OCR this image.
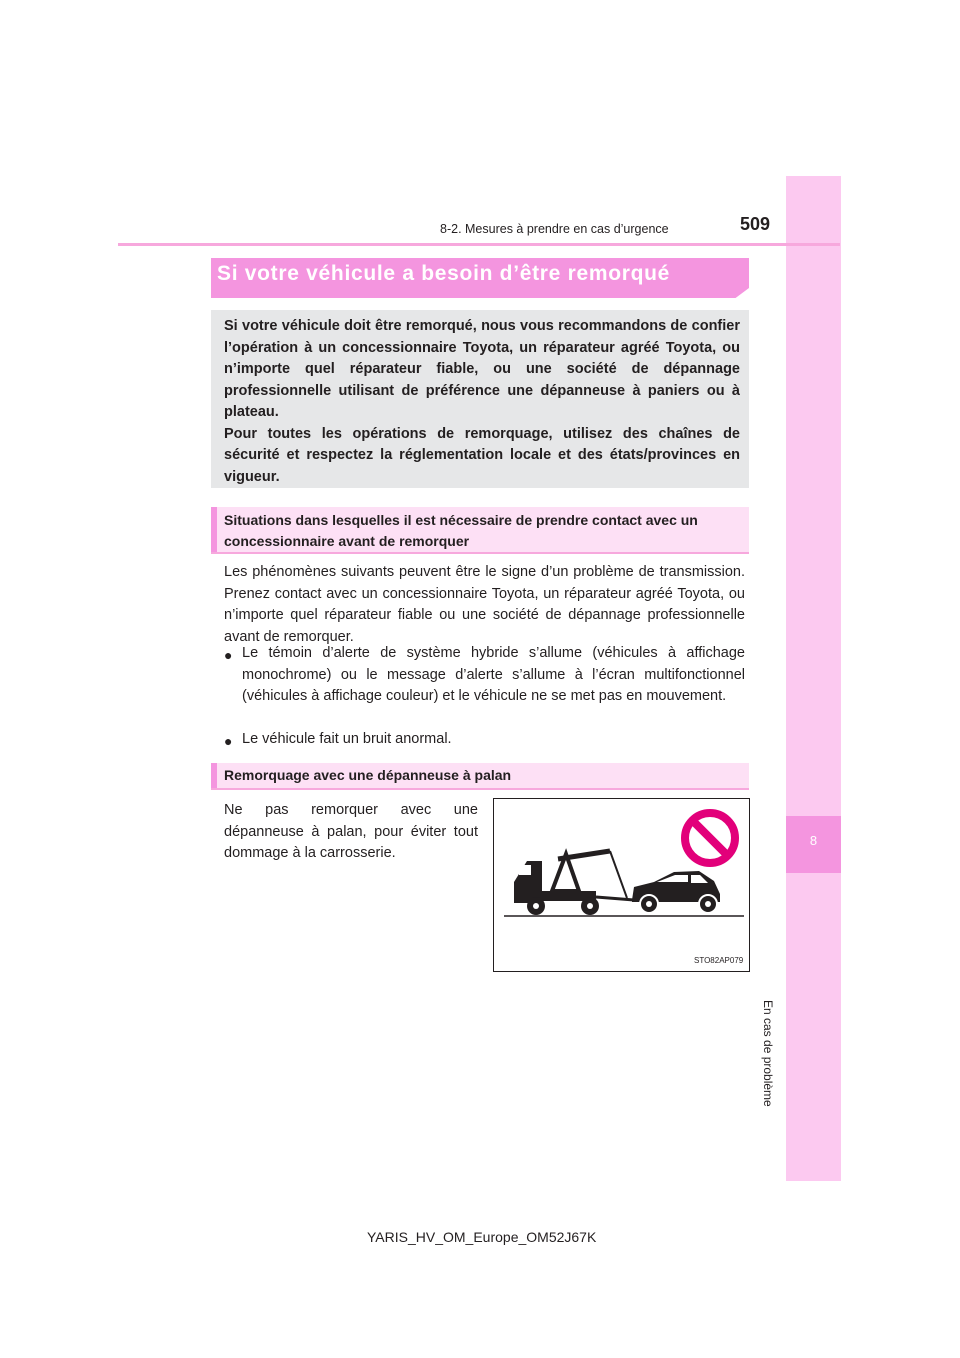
8
En cas de problème
8-2. Mesures à prendre en cas d’urgence	509
Si votre véhicule a besoin d’être remorqué

Si votre véhicule doit être remorqué, nous vous recommandons de confier l’opération à un concessionnaire Toyota, un réparateur agréé Toyota, ou n’importe quel réparateur fiable, ou une société de dépannage professionnelle utilisant de préférence une dépanneuse à paniers ou à plateau.

Pour toutes les opérations de remorquage, utilisez des chaînes de sécurité et respectez la réglementation locale et des états/provinces en vigueur.

Situations dans lesquelles il est nécessaire de prendre contact avec un concessionnaire avant de remorquer
Les phénomènes suivants peuvent être le signe d’un problème de transmission. Prenez contact avec un concessionnaire Toyota, un réparateur agréé Toyota, ou n’importe quel réparateur fiable ou une société de dépannage professionnelle avant de remorquer.
● Le témoin d’alerte de système hybride s’allume (véhicules à affichage monochrome) ou le message d’alerte s’allume à l’écran multifonctionnel (véhicules à affichage couleur) et le véhicule ne se met pas en mouvement.
● Le véhicule fait un bruit anormal.
Remorquage avec une dépanneuse à palan
Ne pas remorquer avec une dépanneuse à palan, pour éviter tout dommage à la carrosserie.
STO82AP079
YARIS_HV_OM_Europe_OM52J67K
